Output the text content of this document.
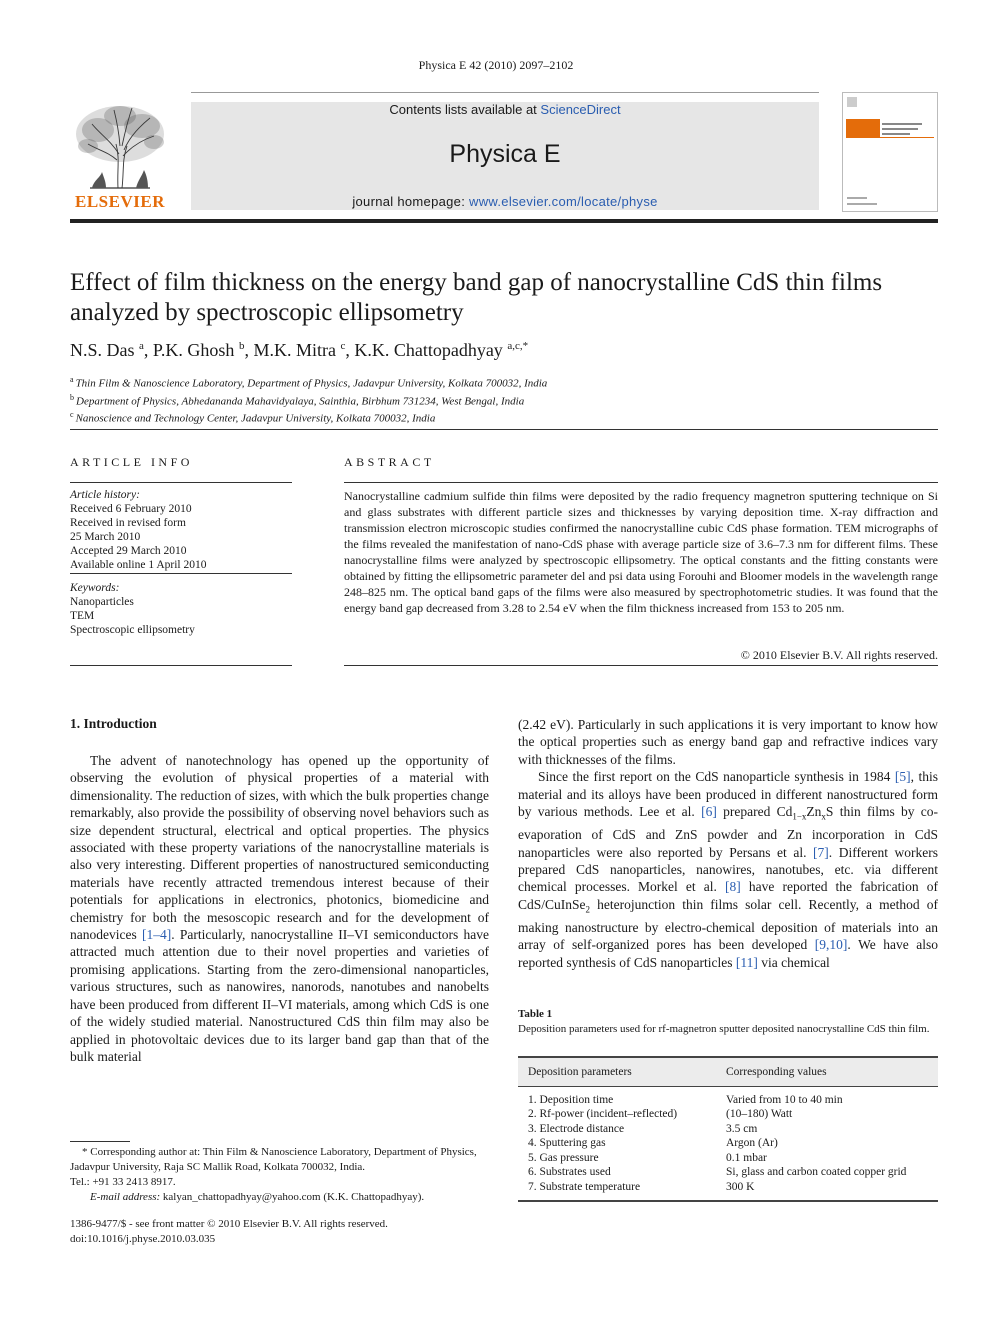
Physica E 42 (2010) 2097–2102
Contents lists available at ScienceDirect
Physica E
journal homepage: www.elsevier.com/locate/physe
ELSEVIER
Effect of film thickness on the energy band gap of nanocrystalline CdS thin films analyzed by spectroscopic ellipsometry
N.S. Das $^a$, P.K. Ghosh $^b$, M.K. Mitra $^c$, K.K. Chattopadhyay $^{a,c,*}$
$^a$ Thin Film & Nanoscience Laboratory, Department of Physics, Jadavpur University, Kolkata 700032, India
$^b$ Department of Physics, Abhedananda Mahavidyalaya, Sainthia, Birbhum 731234, West Bengal, India
$^c$ Nanoscience and Technology Center, Jadavpur University, Kolkata 700032, India
ARTICLE INFO	ABSTRACT
Article history:
Received 6 February 2010
Received in revised form
25 March 2010
Accepted 29 March 2010
Available online 1 April 2010
Keywords:
Nanoparticles
TEM
Spectroscopic ellipsometry
Nanocrystalline cadmium sulfide thin films were deposited by the radio frequency magnetron sputtering technique on Si and glass substrates with different particle sizes and thicknesses by varying deposition time. X-ray diffraction and transmission electron microscopic studies confirmed the nanocrystalline cubic CdS phase formation. TEM micrographs of the films revealed the manifestation of nano-CdS phase with average particle size of 3.6–7.3 nm for different films. These nanocrystalline films were analyzed by spectroscopic ellipsometry. The optical constants and the fitting constants were obtained by fitting the ellipsometric parameter del and psi data using Forouhi and Bloomer models in the wavelength range 248–825 nm. The optical band gaps of the films were also measured by spectrophotometric studies. It was found that the energy band gap decreased from 3.28 to 2.54 eV when the film thickness increased from 153 to 205 nm.
© 2010 Elsevier B.V. All rights reserved.
1. Introduction

The advent of nanotechnology has opened up the opportunity of observing the evolution of physical properties of a material with dimensionality. The reduction of sizes, with which the bulk properties change remarkably, also provide the possibility of observing novel behaviors such as size dependent structural, electrical and optical properties. The physics associated with these property variations of the nanocrystalline materials is also very interesting. Different properties of nanostructured semiconducting materials have recently attracted tremendous interest because of their potentials for applications in electronics, photonics, biomedicine and chemistry for both the mesoscopic research and for the development of nanodevices [1–4]. Particularly, nanocrystalline II–VI semiconductors have attracted much attention due to their novel properties and varieties of promising applications. Starting from the zero-dimensional nanoparticles, various structures, such as nanowires, nanorods, nanotubes and nanobelts have been produced from different II–VI materials, among which CdS is one of the widely studied material. Nanostructured CdS thin film may also be applied in photovoltaic devices due to its larger band gap than that of the bulk material

(2.42 eV). Particularly in such applications it is very important to know how the optical properties such as energy band gap and refractive indices vary with thicknesses of the films.

Since the first report on the CdS nanoparticle synthesis in 1984 [5], this material and its alloys have been produced in different nanostructured form by various methods. Lee et al. [6] prepared $Cd_{1-x}Zn_xS$ thin films by co-evaporation of CdS and ZnS powder and Zn incorporation in CdS nanoparticles were also reported by Persans et al. [7]. Different workers prepared CdS nanoparticles, nanowires, nanotubes, etc. via different chemical processes. Morkel et al. [8] have reported the fabrication of CdS/CuInSe$_2$ heterojunction thin films solar cell. Recently, a method of making nanostructure by electro-chemical deposition of materials into an array of self-organized pores has been developed [9,10]. We have also reported synthesis of CdS nanoparticles [11] via chemical

Table 1
Deposition parameters used for rf-magnetron sputter deposited nanocrystalline CdS thin film.
Deposition parameters	Corresponding values
1. Deposition time	Varied from 10 to 40 min
2. Rf-power (incident–reflected)	(10–180) Watt
3. Electrode distance	3.5 cm
4. Sputtering gas	Argon (Ar)
5. Gas pressure	0.1 mbar
6. Substrates used	Si, glass and carbon coated copper grid
7. Substrate temperature	300 K
* Corresponding author at: Thin Film & Nanoscience Laboratory, Department of Physics, Jadavpur University, Raja SC Mallik Road, Kolkata 700032, India.
Tel.: +91 33 2413 8917.
E-mail address: kalyan_chattopadhyay@yahoo.com (K.K. Chattopadhyay).
1386-9477/$ - see front matter © 2010 Elsevier B.V. All rights reserved.
doi:10.1016/j.physe.2010.03.035
